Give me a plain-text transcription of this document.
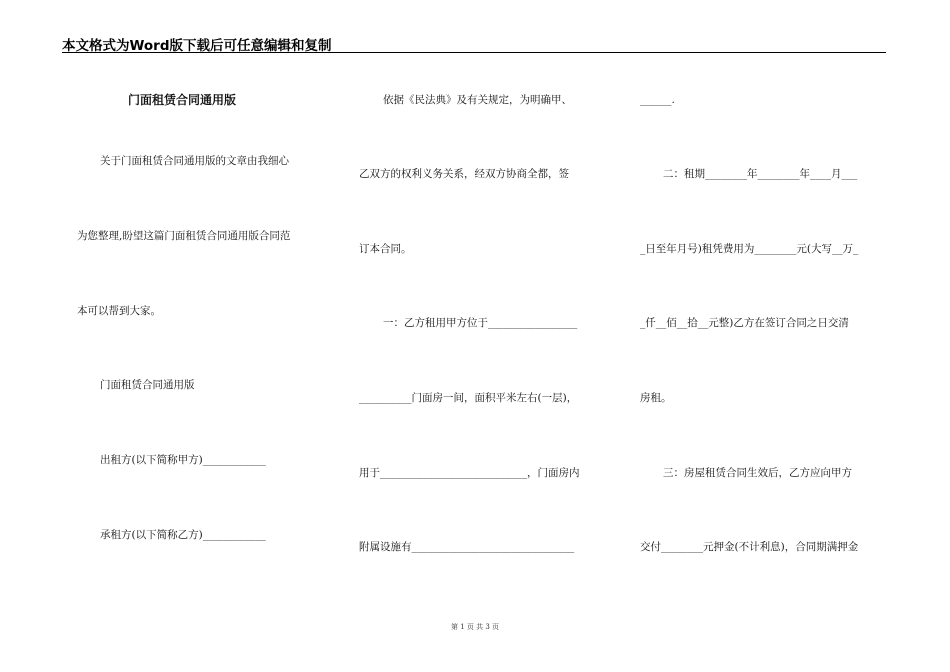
本文格式为Word版下载后可任意编辑和复制
门面租赁合同通用版
关于门面租赁合同通用版的文章由我细心
为您整理,盼望这篇门面租赁合同通用版合同范
本可以帮到大家。
门面租赁合同通用版
出租方(以下简称甲方)____________
承租方(以下简称乙方)____________
依据《民法典》及有关规定，为明确甲、
乙双方的权利义务关系，经双方协商全都，签
订本合同。
一：乙方租用甲方位于_________________
__________门面房一间，面积平米左右(一层)，
用于____________________________，门面房内
附属设施有_______________________________
______.
二：租期________年________年____月___
_日至年月号)租凭费用为________元(大写__万_
_仟__佰__拾__元整)乙方在签订合同之日交清
房租。
三：房屋租赁合同生效后，乙方应向甲方
交付________元押金(不计利息)，合同期满押金
第 1 页 共 3 页
